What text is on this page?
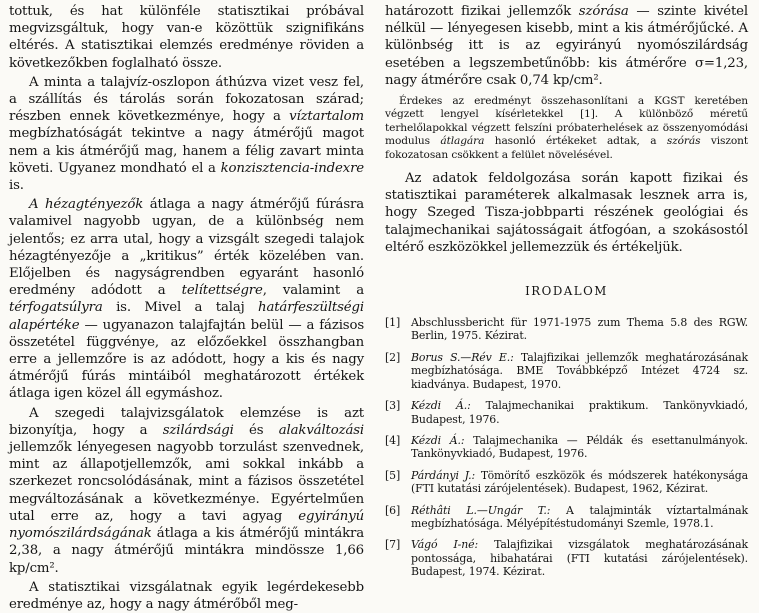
tottuk, és hat különféle statisztikai próbával megvizsgáltuk, hogy van-e közöttük szignifikáns eltérés. A statisztikai elemzés eredménye röviden a következőkben foglalható össze.

A minta a talajvíz-oszlopon áthúzva vizet vesz fel, a szállítás és tárolás során fokozatosan szárad; részben ennek következménye, hogy a víztartalom megbízhatóságát tekintve a nagy átmérőjű magot nem a kis átmérőjű mag, hanem a félig zavart minta követi. Ugyanez mondható el a konzisztencia-indexre is.

A hézagtényezők átlaga a nagy átmérőjű fúrásra valamivel nagyobb ugyan, de a különbség nem jelentős; ez arra utal, hogy a vizsgált szegedi talajok hézagtényezője a „kritikus” érték közelében van. Előjelben és nagyságrendben egyaránt hasonló eredmény adódott a telítettségre, valamint a térfogatsúlyra is. Mivel a talaj határfeszültségi alapértéke — ugyanazon talajfajtán belül — a fázisos összetétel függvénye, az előzőekkel összhangban erre a jellemzőre is az adódott, hogy a kis és nagy átmérőjű fúrás mintáiból meghatározott értékek átlaga igen közel áll egymáshoz.

A szegedi talajvizsgálatok elemzése is azt bizonyítja, hogy a szilárdsági és alakváltozási jellemzők lényegesen nagyobb torzulást szenvednek, mint az állapotjellemzők, ami sokkal inkább a szerkezet roncsolódásának, mint a fázisos összetétel megváltozásának a következménye. Egyértelműen utal erre az, hogy a tavi agyag egyirányú nyomószilárdságának átlaga a kis átmérőjű mintákra 2,38, a nagy átmérőjű mintákra mindössze 1,66 kp/cm².

A statisztikai vizsgálatnak egyik legérdekesebb eredménye az, hogy a nagy átmérőből meg-

határozott fizikai jellemzők szórása — szinte kivétel nélkül — lényegesen kisebb, mint a kis átmérőjűcké. A különbség itt is az egyirányú nyomószilárdság esetében a legszembetűnőbb: kis átmérőre σ=1,23, nagy átmérőre csak 0,74 kp/cm².

Érdekes az eredményt összehasonlítani a KGST keretében végzett lengyel kísérletekkel [1]. A különböző méretű terhelőlapokkal végzett felszíni próbaterhelések az összenyomódási modulus átlagára hasonló értékeket adtak, a szórás viszont fokozatosan csökkent a felület növelésével.

Az adatok feldolgozása során kapott fizikai és statisztikai paraméterek alkalmasak lesznek arra is, hogy Szeged Tisza-jobbparti részének geológiai és talajmechanikai sajátosságait átfogóan, a szokásostól eltérő eszközökkel jellemezzük és értékeljük.

IRODALOM
[1] Abschlussbericht für 1971-1975 zum Thema 5.8 des RGW. Berlin, 1975. Kézirat.
[2] Borus S.—Rév E.: Talajfizikai jellemzők meghatározásának megbízhatósága. BME Továbbképző Intézet 4724 sz. kiadványa. Budapest, 1970.
[3] Kézdi Á.: Talajmechanikai praktikum. Tankönyvkiadó, Budapest, 1976.
[4] Kézdi Á.: Talajmechanika — Példák és esettanulmányok. Tankönyvkiadó, Budapest, 1976.
[5] Párdányi J.: Tömörítő eszközök és módszerek hatékonysága (FTI kutatási zárójelentések). Budapest, 1962, Kézirat.
[6] Réthâti L.—Ungár T.: A talajminták víztartalmának megbízhatósága. Mélyépítéstudományi Szemle, 1978.1.
[7] Vágó I-né: Talajfizikai vizsgálatok meghatározásának pontossága, hibahatárai (FTI kutatási zárójelentések). Budapest, 1974. Kézirat.
